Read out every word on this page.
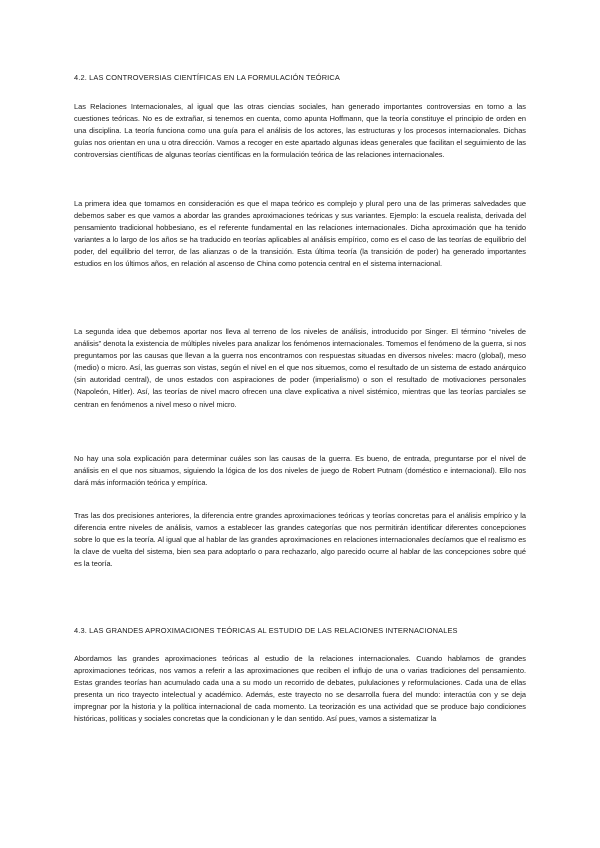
4.2. LAS CONTROVERSIAS CIENTÍFICAS EN LA FORMULACIÓN TEÓRICA

Las Relaciones Internacionales, al igual que las otras ciencias sociales, han generado importantes controversias en torno a las cuestiones teóricas. No es de extrañar, si tenemos en cuenta, como apunta Hoffmann, que la teoría constituye el principio de orden en una disciplina. La teoría funciona como una guía para el análisis de los actores, las estructuras y los procesos internacionales. Dichas guías nos orientan en una u otra dirección. Vamos a recoger en este apartado algunas ideas generales que facilitan el seguimiento de las controversias científicas de algunas teorías científicas en la formulación teórica de las relaciones internacionales.

La primera idea que tomamos en consideración es que el mapa teórico es complejo y plural pero una de las primeras salvedades que debemos saber es que vamos a abordar las grandes aproximaciones teóricas y sus variantes. Ejemplo: la escuela realista, derivada del pensamiento tradicional hobbesiano, es el referente fundamental en las relaciones internacionales. Dicha aproximación que ha tenido variantes a lo largo de los años se ha traducido en teorías aplicables al análisis empírico, como es el caso de las teorías de equilibrio del poder, del equilibrio del terror, de las alianzas o de la transición. Esta última teoría (la transición de poder) ha generado importantes estudios en los últimos años, en relación al ascenso de China como potencia central en el sistema internacional.

La segunda idea que debemos aportar nos lleva al terreno de los niveles de análisis, introducido por Singer. El término “niveles de análisis” denota la existencia de múltiples niveles para analizar los fenómenos internacionales. Tomemos el fenómeno de la guerra, si nos preguntamos por las causas que llevan a la guerra nos encontramos con respuestas situadas en diversos niveles: macro (global), meso (medio) o micro. Así, las guerras son vistas, según el nivel en el que nos situemos, como el resultado de un sistema de estado anárquico (sin autoridad central), de unos estados con aspiraciones de poder (imperialismo) o son el resultado de motivaciones personales (Napoleón, Hitler). Así, las teorías de nivel macro ofrecen una clave explicativa a nivel sistémico, mientras que las teorías parciales se centran en fenómenos a nivel meso o nivel micro.

No hay una sola explicación para determinar cuáles son las causas de la guerra. Es bueno, de entrada, preguntarse por el nivel de análisis en el que nos situamos, siguiendo la lógica de los dos niveles de juego de Robert Putnam (doméstico e internacional). Ello nos dará más información teórica y empírica.

Tras las dos precisiones anteriores, la diferencia entre grandes aproximaciones teóricas y teorías concretas para el análisis empírico y la diferencia entre niveles de análisis, vamos a establecer las grandes categorías que nos permitirán identificar diferentes concepciones sobre lo que es la teoría. Al igual que al hablar de las grandes aproximaciones en relaciones internacionales decíamos que el realismo es la clave de vuelta del sistema, bien sea para adoptarlo o para rechazarlo, algo parecido ocurre al hablar de las concepciones sobre qué es la teoría.

4.3. LAS GRANDES APROXIMACIONES TEÓRICAS AL ESTUDIO DE LAS RELACIONES INTERNACIONALES

Abordamos las grandes aproximaciones teóricas al estudio de la relaciones internacionales. Cuando hablamos de grandes aproximaciones teóricas, nos vamos a referir a las aproximaciones que reciben el influjo de una o varias tradiciones del pensamiento. Estas grandes teorías han acumulado cada una a su modo un recorrido de debates, pululaciones y reformulaciones. Cada una de ellas presenta un rico trayecto intelectual y académico. Además, este trayecto no se desarrolla fuera del mundo: interactúa con y se deja impregnar por la historia y la política internacional de cada momento. La teorización es una actividad que se produce bajo condiciones históricas, políticas y sociales concretas que la condicionan y le dan sentido. Así pues, vamos a sistematizar la
